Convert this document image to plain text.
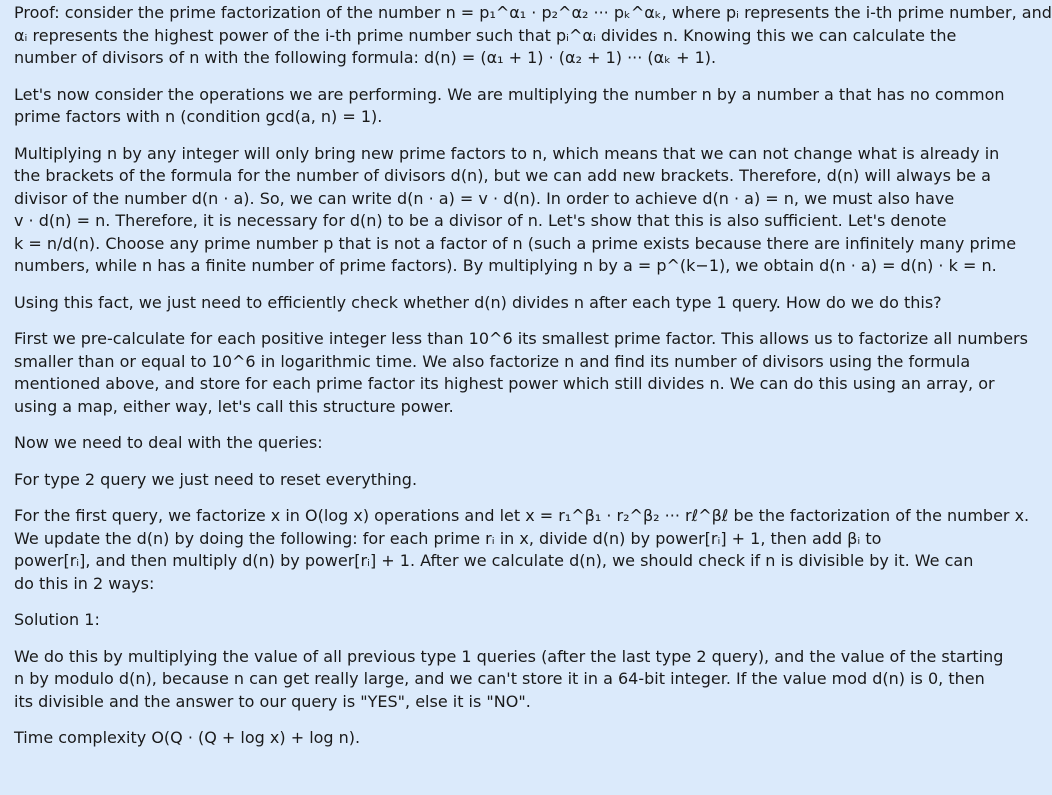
Proof: consider the prime factorization of the number n = p₁^α₁ · p₂^α₂ ··· pₖ^αₖ, where pᵢ represents the i-th prime number, and
αᵢ represents the highest power of the i-th prime number such that pᵢ^αᵢ divides n. Knowing this we can calculate the
number of divisors of n with the following formula: d(n) = (α₁ + 1) · (α₂ + 1) ··· (αₖ + 1).

Let's now consider the operations we are performing. We are multiplying the number n by a number a that has no common
prime factors with n (condition gcd(a, n) = 1).

Multiplying n by any integer will only bring new prime factors to n, which means that we can not change what is already in
the brackets of the formula for the number of divisors d(n), but we can add new brackets. Therefore, d(n) will always be a
divisor of the number d(n · a). So, we can write d(n · a) = v · d(n). In order to achieve d(n · a) = n, we must also have
v · d(n) = n. Therefore, it is necessary for d(n) to be a divisor of n. Let's show that this is also sufficient. Let's denote
k = n/d(n). Choose any prime number p that is not a factor of n (such a prime exists because there are infinitely many prime
numbers, while n has a finite number of prime factors). By multiplying n by a = p^(k−1), we obtain d(n · a) = d(n) · k = n.

Using this fact, we just need to efficiently check whether d(n) divides n after each type 1 query. How do we do this?

First we pre-calculate for each positive integer less than 10^6 its smallest prime factor. This allows us to factorize all numbers
smaller than or equal to 10^6 in logarithmic time. We also factorize n and find its number of divisors using the formula
mentioned above, and store for each prime factor its highest power which still divides n. We can do this using an array, or
using a map, either way, let's call this structure power.

Now we need to deal with the queries:

For type 2 query we just need to reset everything.

For the first query, we factorize x in O(log x) operations and let x = r₁^β₁ · r₂^β₂ ··· rℓ^βℓ be the factorization of the number x.
We update the d(n) by doing the following: for each prime rᵢ in x, divide d(n) by power[rᵢ] + 1, then add βᵢ to
power[rᵢ], and then multiply d(n) by power[rᵢ] + 1. After we calculate d(n), we should check if n is divisible by it. We can
do this in 2 ways:

Solution 1:

We do this by multiplying the value of all previous type 1 queries (after the last type 2 query), and the value of the starting
n by modulo d(n), because n can get really large, and we can't store it in a 64-bit integer. If the value mod d(n) is 0, then
its divisible and the answer to our query is "YES", else it is "NO".

Time complexity O(Q · (Q + log x) + log n).
